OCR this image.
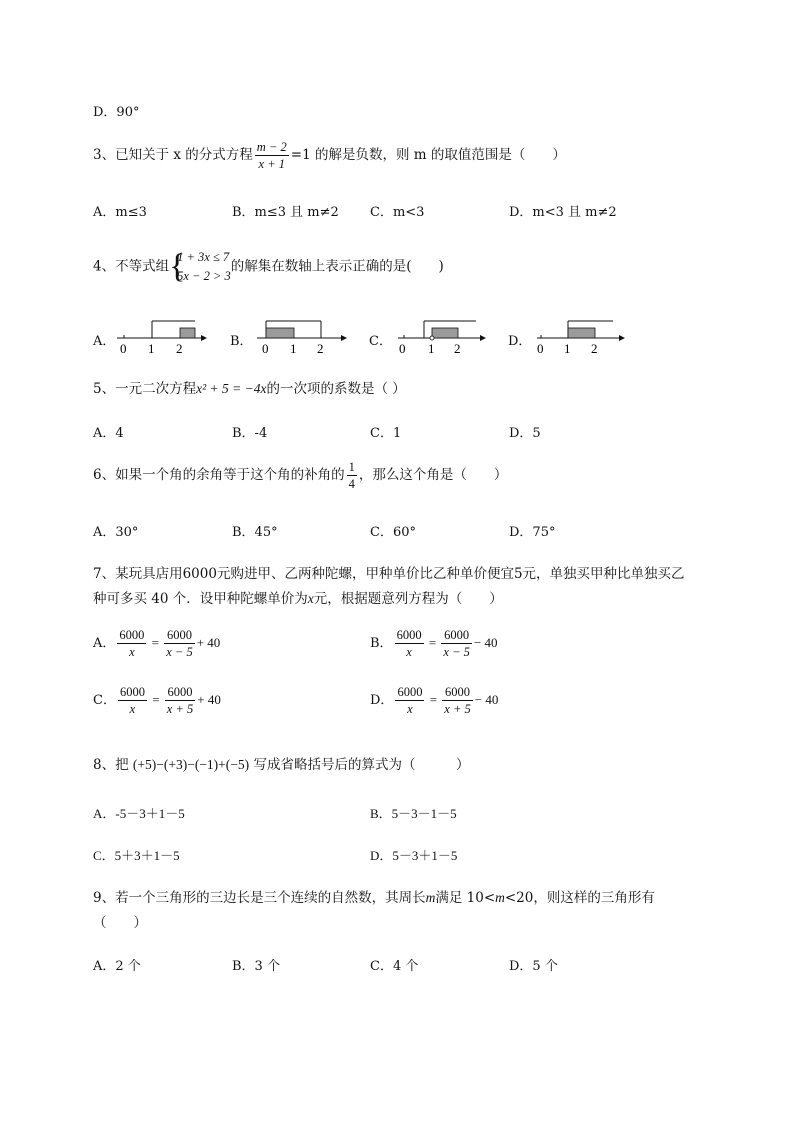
D．90°
3、已知关于 x 的分式方程 $\frac{m - 2}{x + 1} =1$ 的解是负数，则 m 的取值范围是（　　）
A．m≤3	B．m≤3 且 m≠2 C．m<3	D．m<3 且 m≠2
4、不等式组 {
1 + 3x ≤ 7
5x − 2 > 3
的解集在数轴上表示正确的是(　　)
A．	B．	C．	D．
0 1 2	0 1 2	0 1 2	0 1 2
5、一元二次方程x² + 5 = −4x的一次项的系数是（ ）
A．4	B．-4	C．1	D．5
6、如果一个角的余角等于这个角的补角的 $\frac{1}{4}$ ，那么这个角是（　　）
A．30°	B．45°	C．60°	D．75°
7、某玩具店用6000元购进甲、乙两种陀螺，甲种单价比乙种单价便宜5元，单独买甲种比单独买乙
种可多买 40 个．设甲种陀螺单价为x元，根据题意列方程为（　　）
A． $\frac{6000}{x} = \frac{6000}{x - 5} + 40$	B． $\frac{6000}{x} = \frac{6000}{x - 5} - 40$
C． $\frac{6000}{x} = \frac{6000}{x + 5} + 40$	D． $\frac{6000}{x} = \frac{6000}{x + 5} - 40$
8、把 (+5)−(+3)−(−1)+(−5) 写成省略括号后的算式为（　　　）
A．-5－3＋1－5	B．5－3－1－5
C．5＋3＋1－5	D．5－3＋1－5
9、若一个三角形的三边长是三个连续的自然数，其周长m满足 10<m<20，则这样的三角形有
（　　）
A．2 个	B．3 个	C．4 个	D．5 个
